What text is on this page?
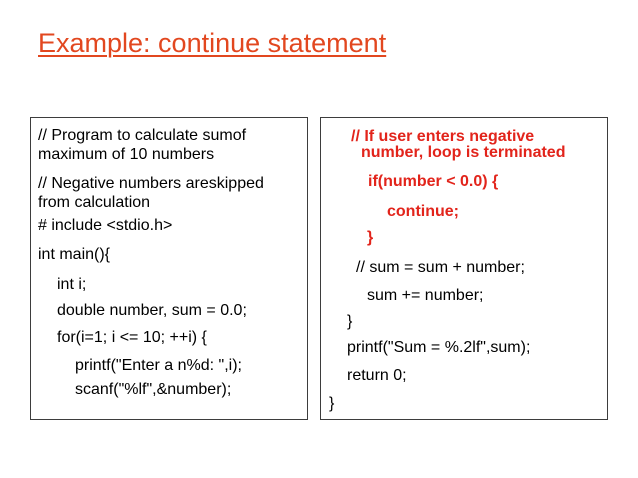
Example: continue statement
// Program to calculate sumof
maximum of 10 numbers
// Negative numbers areskipped
from calculation
# include <stdio.h>
int main(){
int i;
double number, sum = 0.0;
for(i=1; i <= 10; ++i) {
printf("Enter a n%d: ",i);
scanf("%lf",&number);
// If user enters negative
number, loop is terminated
if(number < 0.0) {
continue;
}
// sum = sum + number;
sum += number;
}
printf("Sum = %.2lf",sum);
return 0;
}
